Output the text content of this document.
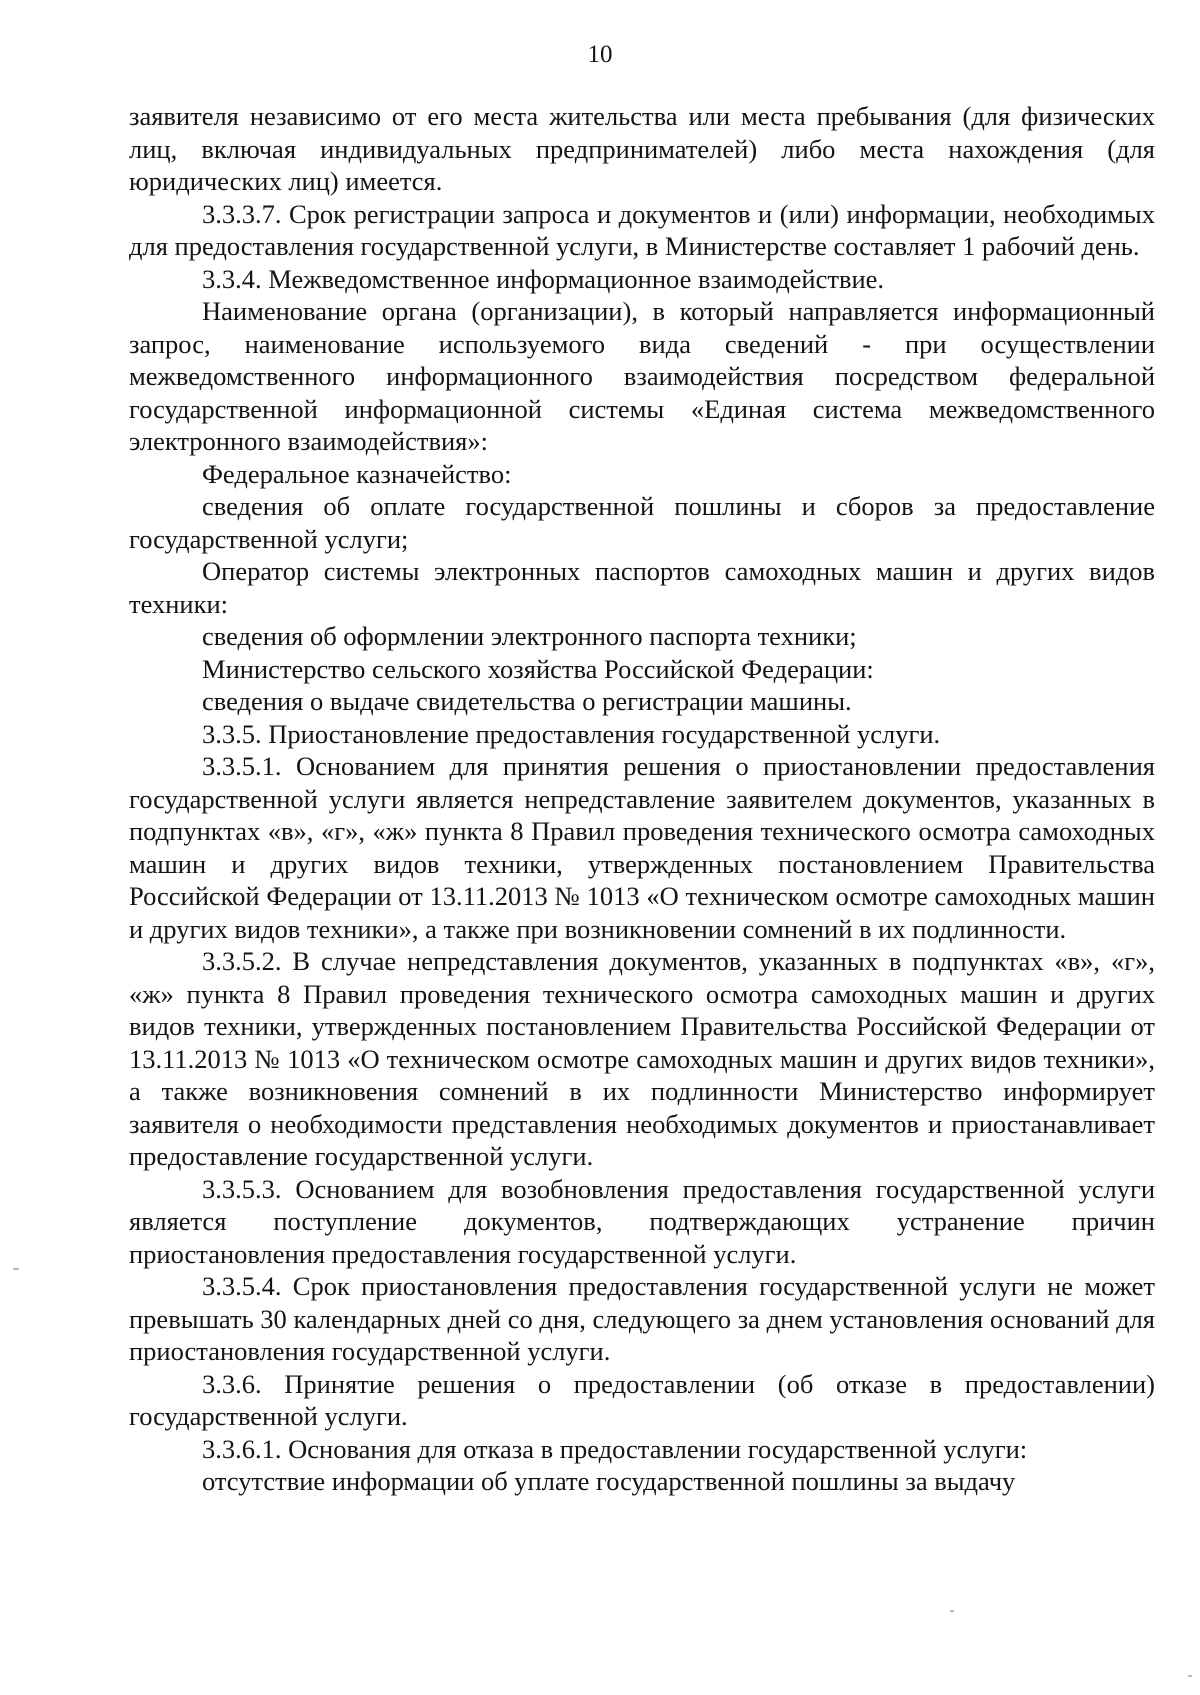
10

заявителя независимо от его места жительства или места пребывания (для физических лиц, включая индивидуальных предпринимателей) либо места нахождения (для юридических лиц) имеется.

3.3.3.7. Срок регистрации запроса и документов и (или) информации, необходимых для предоставления государственной услуги, в Министерстве составляет 1 рабочий день.

3.3.4. Межведомственное информационное взаимодействие.

Наименование органа (организации), в который направляется информационный запрос, наименование используемого вида сведений - при осуществлении межведомственного информационного взаимодействия посредством федеральной государственной информационной системы «Единая система межведомственного электронного взаимодействия»:

Федеральное казначейство:

сведения об оплате государственной пошлины и сборов за предоставление государственной услуги;

Оператор системы электронных паспортов самоходных машин и других видов техники:

сведения об оформлении электронного паспорта техники;

Министерство сельского хозяйства Российской Федерации:

сведения о выдаче свидетельства о регистрации машины.

3.3.5. Приостановление предоставления государственной услуги.

3.3.5.1. Основанием для принятия решения о приостановлении предоставления государственной услуги является непредставление заявителем документов, указанных в подпунктах «в», «г», «ж» пункта 8 Правил проведения технического осмотра самоходных машин и других видов техники, утвержденных постановлением Правительства Российской Федерации от 13.11.2013 № 1013 «О техническом осмотре самоходных машин и других видов техники», а также при возникновении сомнений в их подлинности.

3.3.5.2. В случае непредставления документов, указанных в подпунктах «в», «г», «ж» пункта 8 Правил проведения технического осмотра самоходных машин и других видов техники, утвержденных постановлением Правительства Российской Федерации от 13.11.2013 № 1013 «О техническом осмотре самоходных машин и других видов техники», а также возникновения сомнений в их подлинности Министерство информирует заявителя о необходимости представления необходимых документов и приостанавливает предоставление государственной услуги.

3.3.5.3. Основанием для возобновления предоставления государственной услуги является поступление документов, подтверждающих устранение причин приостановления предоставления государственной услуги.

3.3.5.4. Срок приостановления предоставления государственной услуги не может превышать 30 календарных дней со дня, следующего за днем установления оснований для приостановления государственной услуги.

3.3.6. Принятие решения о предоставлении (об отказе в предоставлении) государственной услуги.

3.3.6.1. Основания для отказа в предоставлении государственной услуги:

отсутствие информации об уплате государственной пошлины за выдачу
